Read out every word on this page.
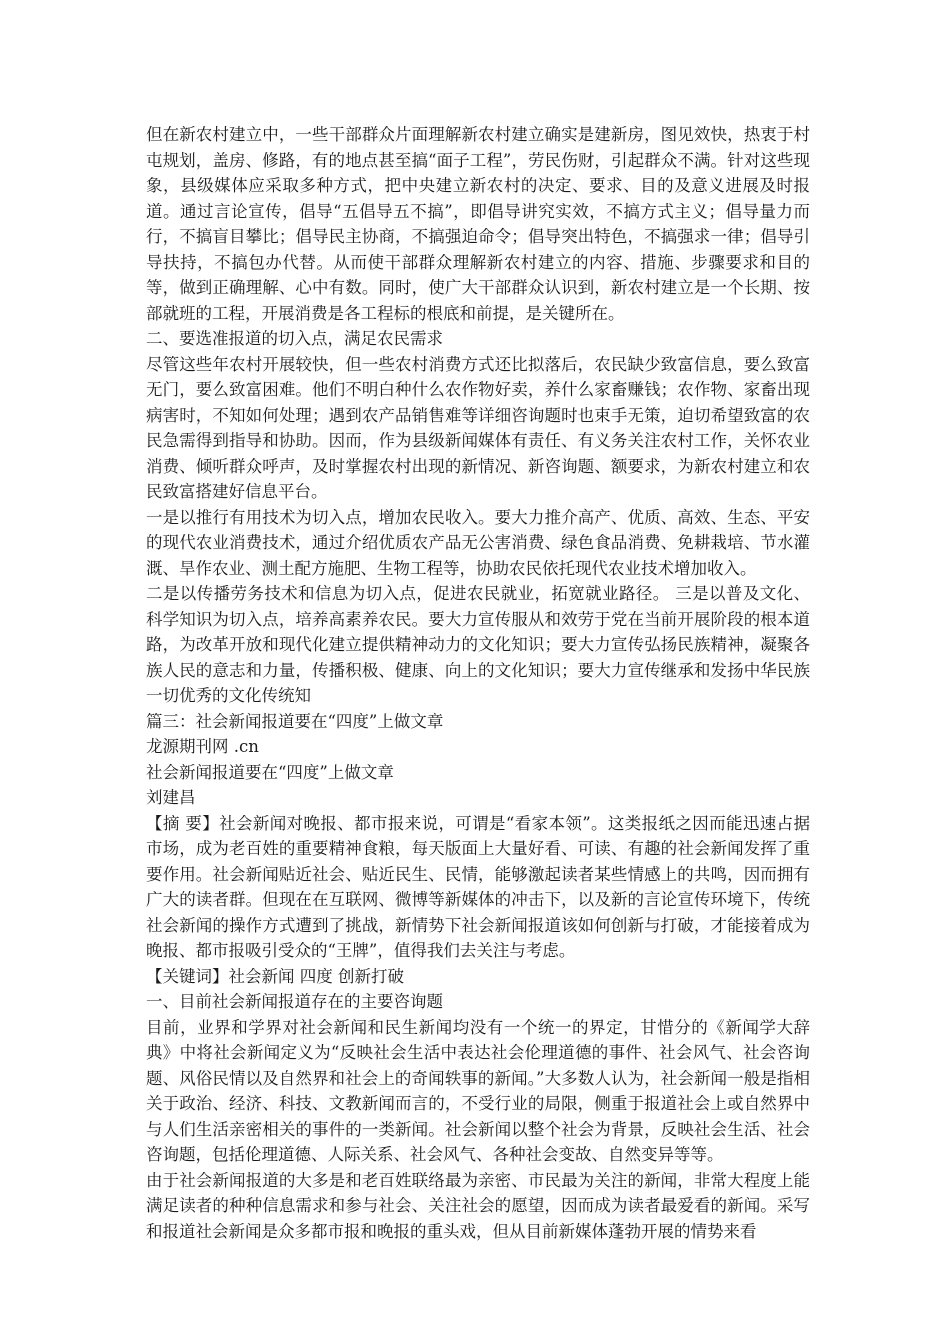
但在新农村建立中，一些干部群众片面理解新农村建立确实是建新房，图见效快，热衷于村屯规划，盖房、修路，有的地点甚至搞“面子工程”，劳民伤财，引起群众不满。针对这些现象，县级媒体应采取多种方式，把中央建立新农村的决定、要求、目的及意义进展及时报道。通过言论宣传，倡导“五倡导五不搞”，即倡导讲究实效，不搞方式主义；倡导量力而行，不搞盲目攀比；倡导民主协商，不搞强迫命令；倡导突出特色，不搞强求一律；倡导引导扶持，不搞包办代替。从而使干部群众理解新农村建立的内容、措施、步骤要求和目的等，做到正确理解、心中有数。同时，使广大干部群众认识到，新农村建立是一个长期、按部就班的工程，开展消费是各工程标的根底和前提，是关键所在。

二、要选准报道的切入点，满足农民需求

尽管这些年农村开展较快，但一些农村消费方式还比拟落后，农民缺少致富信息，要么致富无门，要么致富困难。他们不明白种什么农作物好卖，养什么家畜赚钱；农作物、家畜出现病害时，不知如何处理；遇到农产品销售难等详细咨询题时也束手无策，迫切希望致富的农民急需得到指导和协助。因而，作为县级新闻媒体有责任、有义务关注农村工作，关怀农业消费、倾听群众呼声，及时掌握农村出现的新情况、新咨询题、额要求，为新农村建立和农民致富搭建好信息平台。

一是以推行有用技术为切入点，增加农民收入。要大力推介高产、优质、高效、生态、平安的现代农业消费技术，通过介绍优质农产品无公害消费、绿色食品消费、免耕栽培、节水灌溉、旱作农业、测土配方施肥、生物工程等，协助农民依托现代农业技术增加收入。

二是以传播劳务技术和信息为切入点，促进农民就业，拓宽就业路径。 三是以普及文化、科学知识为切入点，培养高素养农民。要大力宣传服从和效劳于党在当前开展阶段的根本道路，为改革开放和现代化建立提供精神动力的文化知识；要大力宣传弘扬民族精神，凝聚各族人民的意志和力量，传播积极、健康、向上的文化知识；要大力宣传继承和发扬中华民族一切优秀的文化传统知

篇三：社会新闻报道要在“四度”上做文章

龙源期刊网 .cn

社会新闻报道要在“四度”上做文章

刘建昌

【摘 要】社会新闻对晚报、都市报来说，可谓是“看家本领”。这类报纸之因而能迅速占据市场，成为老百姓的重要精神食粮，每天版面上大量好看、可读、有趣的社会新闻发挥了重要作用。社会新闻贴近社会、贴近民生、民情，能够激起读者某些情感上的共鸣，因而拥有广大的读者群。但现在在互联网、微博等新媒体的冲击下，以及新的言论宣传环境下，传统社会新闻的操作方式遭到了挑战，新情势下社会新闻报道该如何创新与打破，才能接着成为晚报、都市报吸引受众的“王牌”，值得我们去关注与考虑。

【关键词】社会新闻 四度 创新打破

一、目前社会新闻报道存在的主要咨询题

目前，业界和学界对社会新闻和民生新闻均没有一个统一的界定，甘惜分的《新闻学大辞典》中将社会新闻定义为“反映社会生活中表达社会伦理道德的事件、社会风气、社会咨询题、风俗民情以及自然界和社会上的奇闻轶事的新闻。”大多数人认为，社会新闻一般是指相关于政治、经济、科技、文教新闻而言的，不受行业的局限，侧重于报道社会上或自然界中与人们生活亲密相关的事件的一类新闻。社会新闻以整个社会为背景，反映社会生活、社会咨询题，包括伦理道德、人际关系、社会风气、各种社会变故、自然变异等等。

由于社会新闻报道的大多是和老百姓联络最为亲密、市民最为关注的新闻，非常大程度上能满足读者的种种信息需求和参与社会、关注社会的愿望，因而成为读者最爱看的新闻。采写和报道社会新闻是众多都市报和晚报的重头戏，但从目前新媒体蓬勃开展的情势来看
